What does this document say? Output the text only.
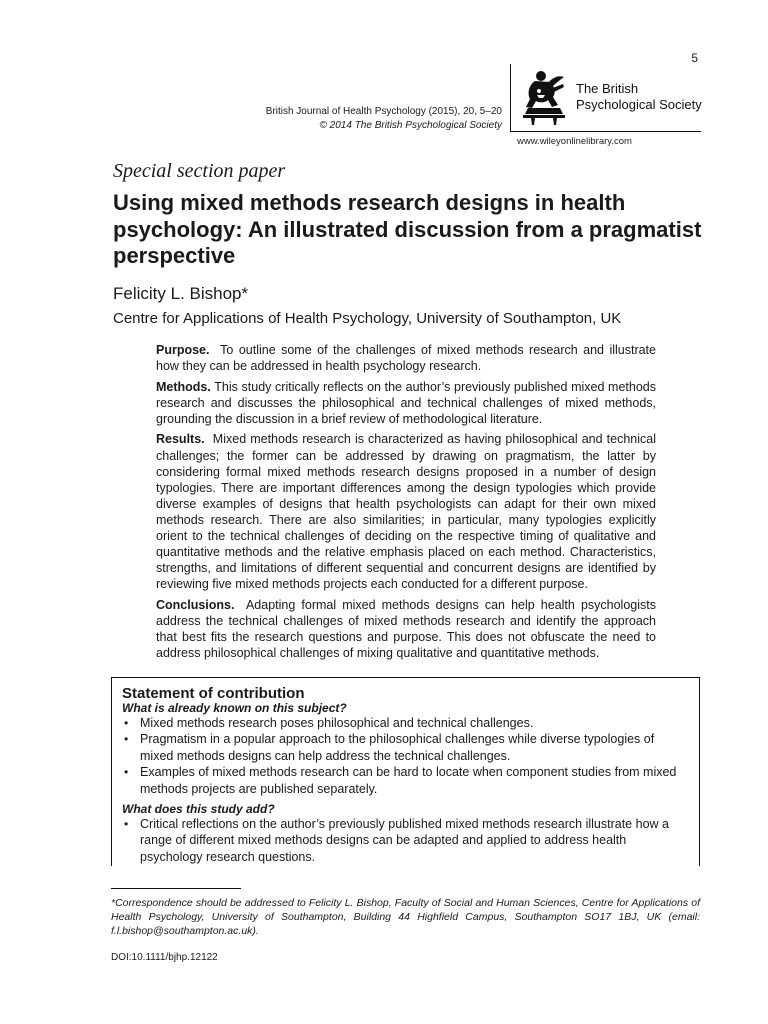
5
British Journal of Health Psychology (2015), 20, 5–20
© 2014 The British Psychological Society
The British
Psychological Society
www.wileyonlinelibrary.com
Special section paper
Using mixed methods research designs in health psychology: An illustrated discussion from a pragmatist perspective
Felicity L. Bishop*
Centre for Applications of Health Psychology, University of Southampton, UK

Purpose. To outline some of the challenges of mixed methods research and illustrate how they can be addressed in health psychology research.

Methods. This study critically reflects on the author’s previously published mixed methods research and discusses the philosophical and technical challenges of mixed methods, grounding the discussion in a brief review of methodological literature.

Results. Mixed methods research is characterized as having philosophical and technical challenges; the former can be addressed by drawing on pragmatism, the latter by considering formal mixed methods research designs proposed in a number of design typologies. There are important differences among the design typologies which provide diverse examples of designs that health psychologists can adapt for their own mixed methods research. There are also similarities; in particular, many typologies explicitly orient to the technical challenges of deciding on the respective timing of qualitative and quantitative methods and the relative emphasis placed on each method. Characteristics, strengths, and limitations of different sequential and concurrent designs are identified by reviewing five mixed methods projects each conducted for a different purpose.

Conclusions. Adapting formal mixed methods designs can help health psychologists address the technical challenges of mixed methods research and identify the approach that best fits the research questions and purpose. This does not obfuscate the need to address philosophical challenges of mixing qualitative and quantitative methods.

Statement of contribution
What is already known on this subject?
• Mixed methods research poses philosophical and technical challenges.
• Pragmatism in a popular approach to the philosophical challenges while diverse typologies of mixed methods designs can help address the technical challenges.
• Examples of mixed methods research can be hard to locate when component studies from mixed methods projects are published separately.
What does this study add?
• Critical reflections on the author’s previously published mixed methods research illustrate how a range of different mixed methods designs can be adapted and applied to address health psychology research questions.
*Correspondence should be addressed to Felicity L. Bishop, Faculty of Social and Human Sciences, Centre for Applications of Health Psychology, University of Southampton, Building 44 Highfield Campus, Southampton SO17 1BJ, UK (email: f.l.bishop@southampton.ac.uk).
DOI:10.1111/bjhp.12122
